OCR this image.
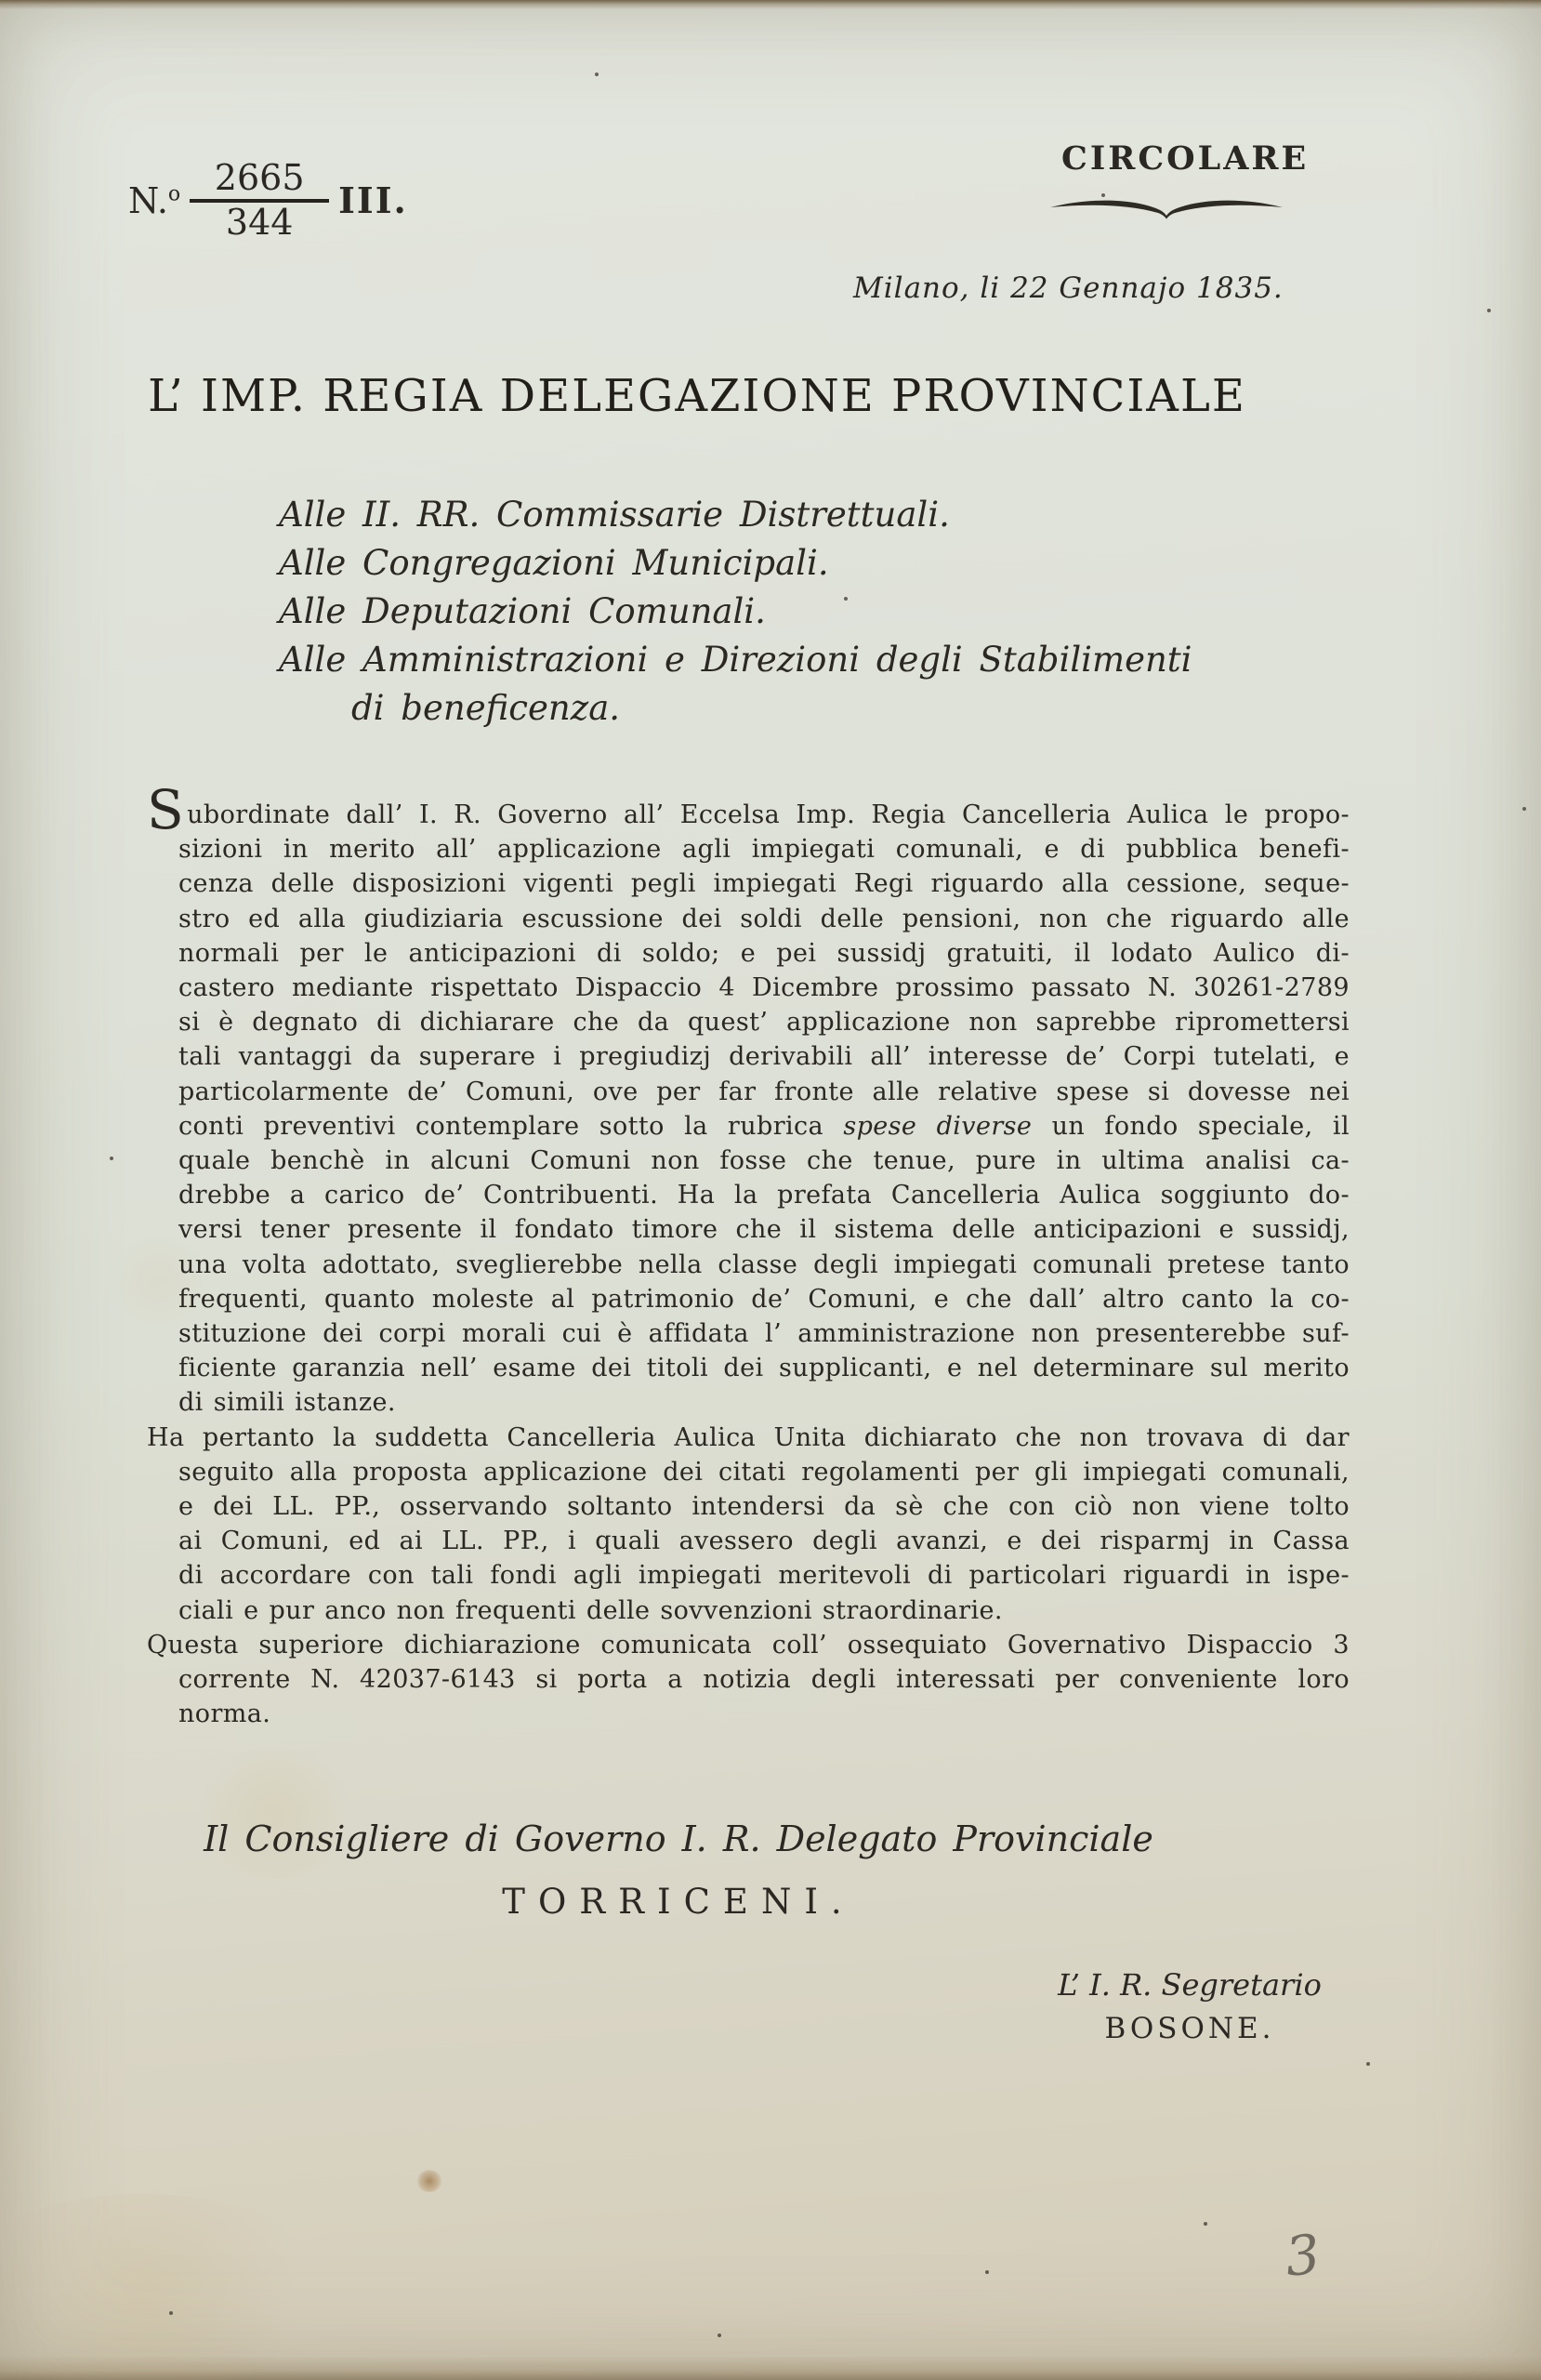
$N.^o \frac{2665}{344}$ III.
CIRCOLARE
Milano, li 22 Gennajo 1835.
L’ IMP. REGIA DELEGAZIONE PROVINCIALE
Alle II. RR. Commissarie Distrettuali.
Alle Congregazioni Municipali.
Alle Deputazioni Comunali.
Alle Amministrazioni e Direzioni degli Stabilimenti
di beneficenza.
Subordinate dall’ I. R. Governo all’ Eccelsa Imp. Regia Cancelleria Aulica le propo-
sizioni in merito all’ applicazione agli impiegati comunali, e di pubblica benefi-
cenza delle disposizioni vigenti pegli impiegati Regi riguardo alla cessione, seque-
stro ed alla giudiziaria escussione dei soldi delle pensioni, non che riguardo alle
normali per le anticipazioni di soldo; e pei sussidj gratuiti, il lodato Aulico di-
castero mediante rispettato Dispaccio 4 Dicembre prossimo passato N. 30261-2789
si è degnato di dichiarare che da quest’ applicazione non saprebbe ripromettersi
tali vantaggi da superare i pregiudizj derivabili all’ interesse de’ Corpi tutelati, e
particolarmente de’ Comuni, ove per far fronte alle relative spese si dovesse nei
conti preventivi contemplare sotto la rubrica spese diverse un fondo speciale, il
quale benchè in alcuni Comuni non fosse che tenue, pure in ultima analisi ca-
drebbe a carico de’ Contribuenti. Ha la prefata Cancelleria Aulica soggiunto do-
versi tener presente il fondato timore che il sistema delle anticipazioni e sussidj,
una volta adottato, sveglierebbe nella classe degli impiegati comunali pretese tanto
frequenti, quanto moleste al patrimonio de’ Comuni, e che dall’ altro canto la co-
stituzione dei corpi morali cui è affidata l’ amministrazione non presenterebbe suf-
ficiente garanzia nell’ esame dei titoli dei supplicanti, e nel determinare sul merito
di simili istanze.
Ha pertanto la suddetta Cancelleria Aulica Unita dichiarato che non trovava di dar
seguito alla proposta applicazione dei citati regolamenti per gli impiegati comunali,
e dei LL. PP., osservando soltanto intendersi da sè che con ciò non viene tolto
ai Comuni, ed ai LL. PP., i quali avessero degli avanzi, e dei risparmj in Cassa
di accordare con tali fondi agli impiegati meritevoli di particolari riguardi in ispe-
ciali e pur anco non frequenti delle sovvenzioni straordinarie.
Questa superiore dichiarazione comunicata coll’ ossequiato Governativo Dispaccio 3
corrente N. 42037-6143 si porta a notizia degli interessati per conveniente loro
norma.
Il Consigliere di Governo I. R. Delegato Provinciale
TORRICENI.
L’ I. R. Segretario
BOSONE.
3
